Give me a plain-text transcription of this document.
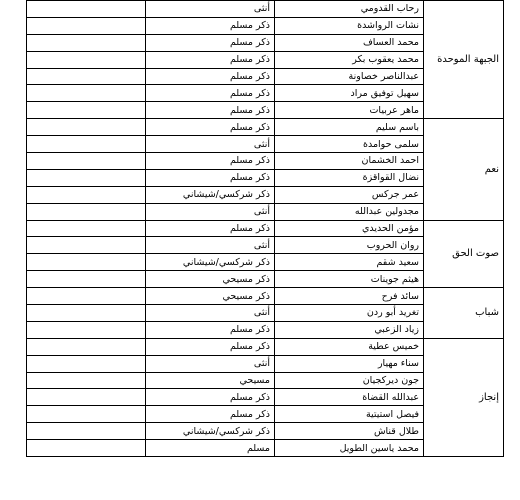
الجبهة الموحدة	رحاب القدومي	أنثى	
	نشات الرواشدة	ذكر مسلم	
	محمد العساف	ذكر مسلم	
	محمد يعقوب بكر	ذكر مسلم	
	عبدالناصر خصاونة	ذكر مسلم	
	سهيل توفيق مراد	ذكر مسلم	
	ماهر عربيات	ذكر مسلم	
نعم	باسم سليم	ذكر مسلم	
	سلمى حوامدة	أنثى	
	احمد الخشمان	ذكر مسلم	
	نضال القواقزة	ذكر مسلم	
	عمر جركس	ذكر شركسي/شيشاني	
	مجدولين عبدالله	أنثى	
صوت الحق	مؤمن الحديدي	ذكر مسلم	
	روان الحروب	أنثى	
	سعيد شقم	ذكر شركسي/شيشاني	
	هيثم جوينات	ذكر مسيحي	
شباب	سائد فرح	ذكر مسيحي	
	تغريد أبو ردن	أنثى	
	زياد الزعبي	ذكر مسلم	
إنجاز	خميس عطية	ذكر مسلم	
	سناء مهيار	أنثى	
	جون ديركجيان	مسيحي	
	عبدالله القضاة	ذكر مسلم	
	فيصل استيتية	ذكر مسلم	
	طلال قناش	ذكر شركسي/شيشاني	
	محمد ياسين الطويل	مسلم	
